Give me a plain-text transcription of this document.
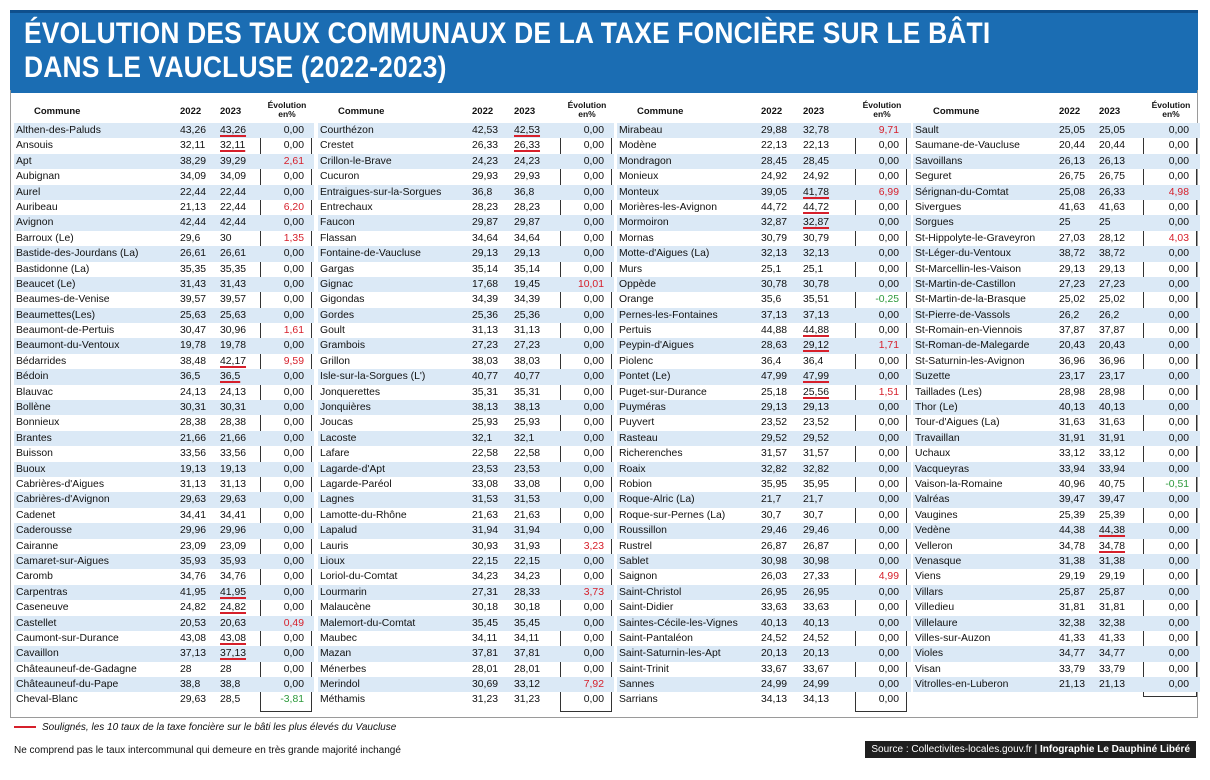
ÉVOLUTION DES TAUX COMMUNAUX DE LA TAXE FONCIÈRE SUR LE BÂTI
DANS LE VAUCLUSE (2022-2023)
Commune	2022 2023
Évolution en%
Althen-des-Paluds	43,26 43,26	0,00
Ansouis	32,11 32,11	0,00
Apt	38,29 39,29	2,61
Aubignan	34,09 34,09	0,00
Aurel	22,44 22,44	0,00
Auribeau	21,13 22,44	6,20
Avignon	42,44 42,44	0,00
Barroux (Le)	29,6 30	1,35
Bastide-des-Jourdans (La)	26,61 26,61	0,00
Bastidonne (La)	35,35 35,35	0,00
Beaucet (Le)	31,43 31,43	0,00
Beaumes-de-Venise	39,57 39,57	0,00
Beaumettes(Les)	25,63 25,63	0,00
Beaumont-de-Pertuis	30,47 30,96	1,61
Beaumont-du-Ventoux	19,78 19,78	0,00
Bédarrides	38,48 42,17	9,59
Bédoin	36,5 36,5	0,00
Blauvac	24,13 24,13	0,00
Bollène	30,31 30,31	0,00
Bonnieux	28,38 28,38	0,00
Brantes	21,66 21,66	0,00
Buisson	33,56 33,56	0,00
Buoux	19,13 19,13	0,00
Cabrières-d'Aigues	31,13 31,13	0,00
Cabrières-d'Avignon	29,63 29,63	0,00
Cadenet	34,41 34,41	0,00
Caderousse	29,96 29,96	0,00
Cairanne	23,09 23,09	0,00
Camaret-sur-Aigues	35,93 35,93	0,00
Caromb	34,76 34,76	0,00
Carpentras	41,95 41,95	0,00
Caseneuve	24,82 24,82	0,00
Castellet	20,53 20,63	0,49
Caumont-sur-Durance	43,08 43,08	0,00
Cavaillon	37,13 37,13	0,00
Châteauneuf-de-Gadagne	28	28	0,00
Châteauneuf-du-Pape	38,8 38,8	0,00
Cheval-Blanc	29,63 28,5	-3,81
Commune	2022 2023
Évolution en%
Courthézon	42,53 42,53	0,00
Crestet	26,33 26,33	0,00
Crillon-le-Brave	24,23 24,23	0,00
Cucuron	29,93 29,93	0,00
Entraigues-sur-la-Sorgues	36,8 36,8	0,00
Entrechaux	28,23 28,23	0,00
Faucon	29,87 29,87	0,00
Flassan	34,64 34,64	0,00
Fontaine-de-Vaucluse	29,13 29,13	0,00
Gargas	35,14 35,14	0,00
Gignac	17,68 19,45	10,01
Gigondas	34,39 34,39	0,00
Gordes	25,36 25,36	0,00
Goult	31,13 31,13	0,00
Grambois	27,23 27,23	0,00
Grillon	38,03 38,03	0,00
Isle-sur-la-Sorgues (L')	40,77 40,77	0,00
Jonquerettes	35,31 35,31	0,00
Jonquières	38,13 38,13	0,00
Joucas	25,93 25,93	0,00
Lacoste	32,1 32,1	0,00
Lafare	22,58 22,58	0,00
Lagarde-d'Apt	23,53 23,53	0,00
Lagarde-Paréol	33,08 33,08	0,00
Lagnes	31,53 31,53	0,00
Lamotte-du-Rhône	21,63 21,63	0,00
Lapalud	31,94 31,94	0,00
Lauris	30,93 31,93	3,23
Lioux	22,15 22,15	0,00
Loriol-du-Comtat	34,23 34,23	0,00
Lourmarin	27,31 28,33	3,73
Malaucène	30,18 30,18	0,00
Malemort-du-Comtat	35,45 35,45	0,00
Maubec	34,11 34,11	0,00
Mazan	37,81 37,81	0,00
Ménerbes	28,01 28,01	0,00
Merindol	30,69 33,12	7,92
Méthamis	31,23 31,23	0,00
Commune	2022 2023
Évolution en%
Mirabeau	29,88 32,78	9,71
Modène	22,13 22,13	0,00
Mondragon	28,45 28,45	0,00
Monieux	24,92 24,92	0,00
Monteux	39,05 41,78	6,99
Morières-les-Avignon	44,72 44,72	0,00
Mormoiron	32,87 32,87	0,00
Mornas	30,79 30,79	0,00
Motte-d'Aigues (La)	32,13 32,13	0,00
Murs	25,1 25,1	0,00
Oppède	30,78 30,78	0,00
Orange	35,6 35,51	-0,25
Pernes-les-Fontaines	37,13 37,13	0,00
Pertuis	44,88 44,88	0,00
Peypin-d'Aigues	28,63 29,12	1,71
Piolenc	36,4 36,4	0,00
Pontet (Le)	47,99 47,99	0,00
Puget-sur-Durance	25,18 25,56	1,51
Puyméras	29,13 29,13	0,00
Puyvert	23,52 23,52	0,00
Rasteau	29,52 29,52	0,00
Richerenches	31,57 31,57	0,00
Roaix	32,82 32,82	0,00
Robion	35,95 35,95	0,00
Roque-Alric (La)	21,7 21,7	0,00
Roque-sur-Pernes (La)	30,7 30,7	0,00
Roussillon	29,46 29,46	0,00
Rustrel	26,87 26,87	0,00
Sablet	30,98 30,98	0,00
Saignon	26,03 27,33	4,99
Saint-Christol	26,95 26,95	0,00
Saint-Didier	33,63 33,63	0,00
Saintes-Cécile-les-Vignes 40,13 40,13	0,00
Saint-Pantaléon	24,52 24,52	0,00
Saint-Saturnin-les-Apt	20,13 20,13	0,00
Saint-Trinit	33,67 33,67	0,00
Sannes	24,99 24,99	0,00
Sarrians	34,13 34,13	0,00
Commune	2022 2023
Évolution en%
Sault	25,05 25,05	0,00
Saumane-de-Vaucluse	20,44 20,44	0,00
Savoillans	26,13 26,13	0,00
Seguret	26,75 26,75	0,00
Sérignan-du-Comtat	25,08 26,33	4,98
Sivergues	41,63 41,63	0,00
Sorgues	25	25	0,00
St-Hippolyte-le-Graveyron 27,03 28,12	4,03
St-Léger-du-Ventoux	38,72 38,72	0,00
St-Marcellin-les-Vaison	29,13 29,13	0,00
St-Martin-de-Castillon	27,23 27,23	0,00
St-Martin-de-la-Brasque	25,02 25,02	0,00
St-Pierre-de-Vassols	26,2 26,2	0,00
St-Romain-en-Viennois	37,87 37,87	0,00
St-Roman-de-Malegarde	20,43 20,43	0,00
St-Saturnin-les-Avignon	36,96 36,96	0,00
Suzette	23,17 23,17	0,00
Taillades (Les)	28,98 28,98	0,00
Thor (Le)	40,13 40,13	0,00
Tour-d'Aigues (La)	31,63 31,63	0,00
Travaillan	31,91 31,91	0,00
Uchaux	33,12 33,12	0,00
Vacqueyras	33,94 33,94	0,00
Vaison-la-Romaine	40,96 40,75	-0,51
Valréas	39,47 39,47	0,00
Vaugines	25,39 25,39	0,00
Vedène	44,38 44,38	0,00
Velleron	34,78 34,78	0,00
Venasque	31,38 31,38	0,00
Viens	29,19 29,19	0,00
Villars	25,87 25,87	0,00
Villedieu	31,81 31,81	0,00
Villelaure	32,38 32,38	0,00
Villes-sur-Auzon	41,33 41,33	0,00
Violes	34,77 34,77	0,00
Visan	33,79 33,79	0,00
Vitrolles-en-Luberon	21,13 21,13	0,00
Soulignés, les 10 taux de la taxe foncière sur le bâti les plus élevés du Vaucluse
Ne comprend pas le taux intercommunal qui demeure en très grande majorité inchangé	Source : Collectivites-locales.gouv.fr | Infographie Le Dauphiné Libéré
